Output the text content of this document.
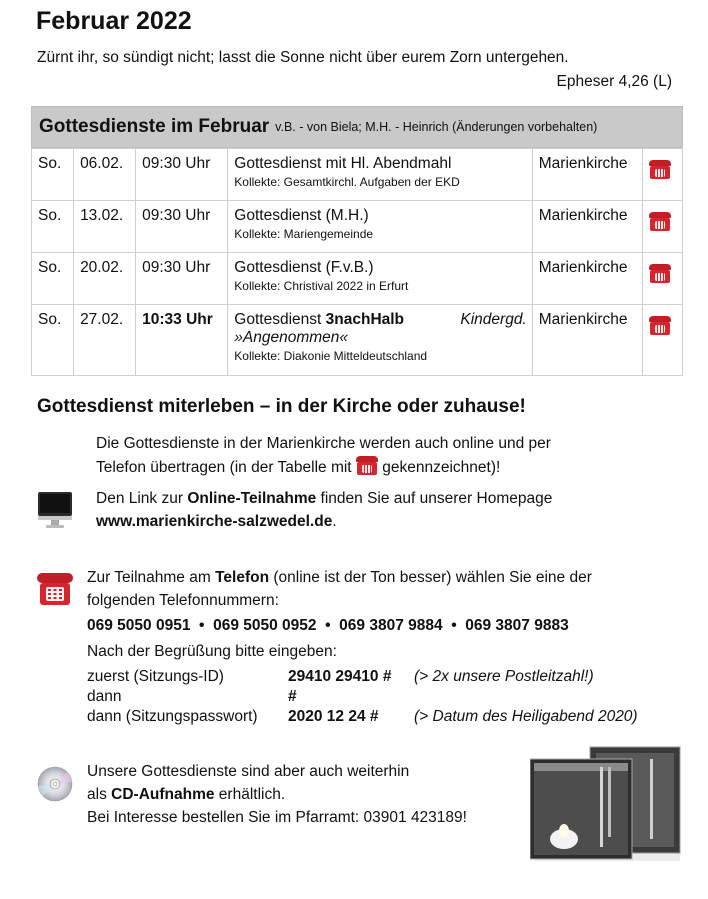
Februar 2022
Zürnt ihr, so sündigt nicht; lasst die Sonne nicht über eurem Zorn untergehen.
Epheser 4,26 (L)
Gottesdienste im Februar v.B. - von Biela; M.H. - Heinrich (Änderungen vorbehalten)
So.	06.02.	09:30 Uhr	Gottesdienst mit Hl. Abendmahl
Kollekte: Gesamtkirchl. Aufgaben der EKD	Marienkirche	

So.	13.02.	09:30 Uhr	Gottesdienst (M.H.)
Kollekte: Mariengemeinde	Marienkirche	

So.	20.02.	09:30 Uhr	Gottesdienst (F.v.B.)
Kollekte: Christival 2022 in Erfurt	Marienkirche	

So.	27.02.	10:33 Uhr	Gottesdienst 3nachHalb Kindergd.
»Angenommen«
Kollekte: Diakonie Mitteldeutschland	Marienkirche	
Gottesdienst miterleben – in der Kirche oder zuhause!
Die Gottesdienste in der Marienkirche werden auch online und per
Telefon übertragen (in der Tabelle mit gekennzeichnet)!
Den Link zur Online-Teilnahme finden Sie auf unserer Homepage
www.marienkirche-salzwedel.de.
Zur Teilnahme am Telefon (online ist der Ton besser) wählen Sie eine der
folgenden Telefonnummern:
069 5050 0951  •  069 5050 0952  •  069 3807 9884  •  069 3807 9883
Nach der Begrüßung bitte eingeben:
zuerst (Sitzungs-ID)	29410 29410 # (> 2x unsere Postleitzahl!)
dann	#
dann (Sitzungspasswort) 2020 12 24 # (> Datum des Heiligabend 2020)
Unsere Gottesdienste sind aber auch weiterhin
als CD-Aufnahme erhältlich.
Bei Interesse bestellen Sie im Pfarramt: 03901 423189!
